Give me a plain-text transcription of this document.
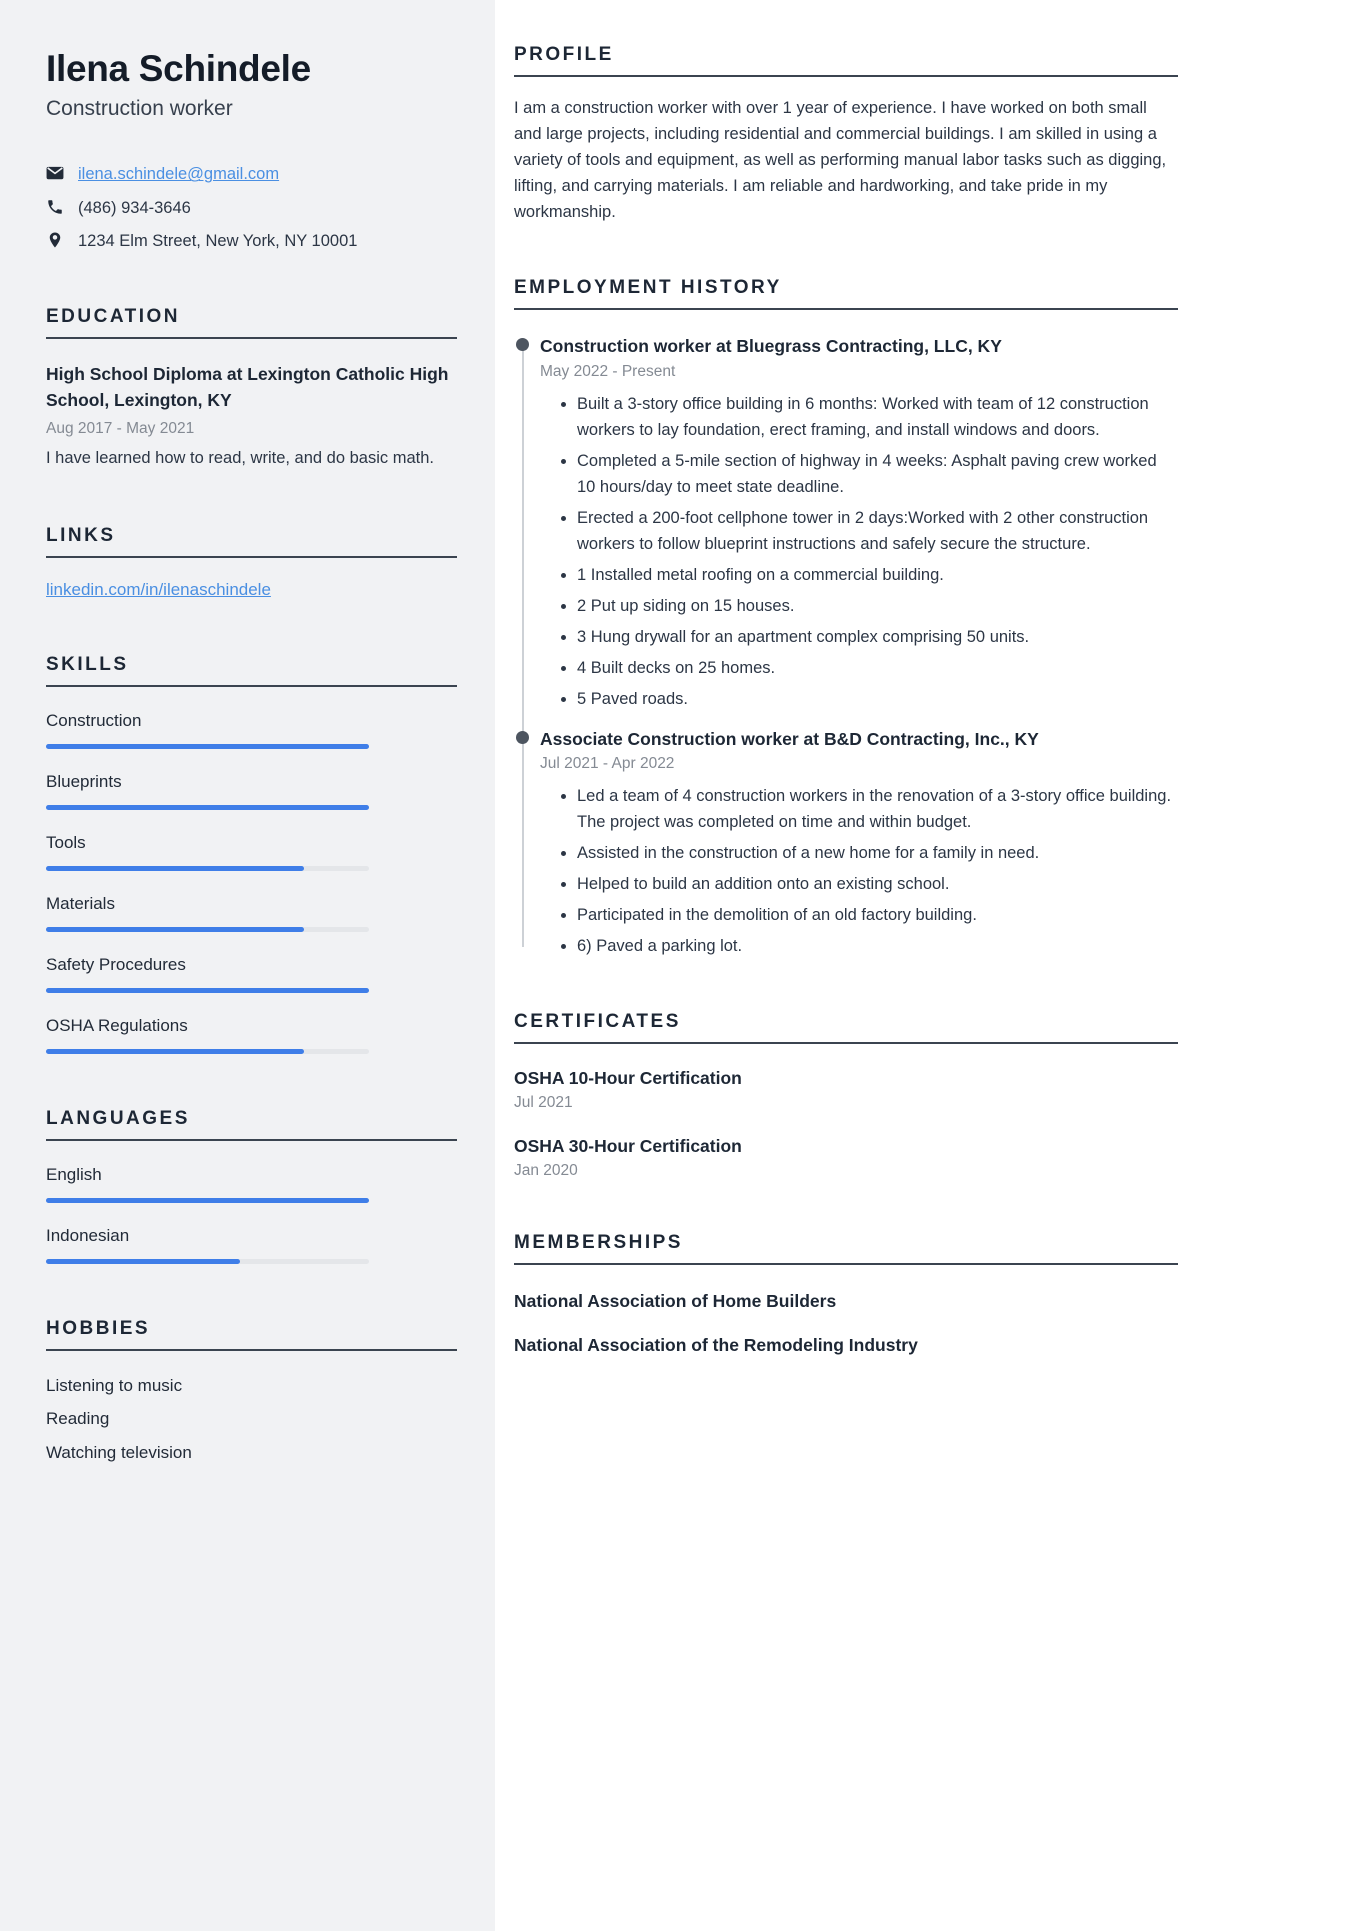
Ilena Schindele
Construction worker
ilena.schindele@gmail.com
(486) 934-3646
1234 Elm Street, New York, NY 10001
EDUCATION
High School Diploma at Lexington Catholic High School, Lexington, KY
Aug 2017 - May 2021
I have learned how to read, write, and do basic math.
LINKS
linkedin.com/in/ilenaschindele
SKILLS
Construction
Blueprints
Tools
Materials
Safety Procedures
OSHA Regulations
LANGUAGES
English
Indonesian
HOBBIES
Listening to music
Reading
Watching television
PROFILE

I am a construction worker with over 1 year of experience. I have worked on both small and large projects, including residential and commercial buildings. I am skilled in using a variety of tools and equipment, as well as performing manual labor tasks such as digging, lifting, and carrying materials. I am reliable and hardworking, and take pride in my workmanship.

EMPLOYMENT HISTORY
Construction worker at Bluegrass Contracting, LLC, KY
May 2022 - Present
• Built a 3-story office building in 6 months: Worked with team of 12 construction workers to lay foundation, erect framing, and install windows and doors.
• Completed a 5-mile section of highway in 4 weeks: Asphalt paving crew worked 10 hours/day to meet state deadline.
• Erected a 200-foot cellphone tower in 2 days:Worked with 2 other construction workers to follow blueprint instructions and safely secure the structure.
• 1 Installed metal roofing on a commercial building.
• 2 Put up siding on 15 houses.
• 3 Hung drywall for an apartment complex comprising 50 units.
• 4 Built decks on 25 homes.
• 5 Paved roads.
Associate Construction worker at B&D Contracting, Inc., KY
Jul 2021 - Apr 2022
• Led a team of 4 construction workers in the renovation of a 3-story office building. The project was completed on time and within budget.
• Assisted in the construction of a new home for a family in need.
• Helped to build an addition onto an existing school.
• Participated in the demolition of an old factory building.
• 6) Paved a parking lot.
CERTIFICATES
OSHA 10-Hour Certification
Jul 2021
OSHA 30-Hour Certification
Jan 2020
MEMBERSHIPS
National Association of Home Builders
National Association of the Remodeling Industry
